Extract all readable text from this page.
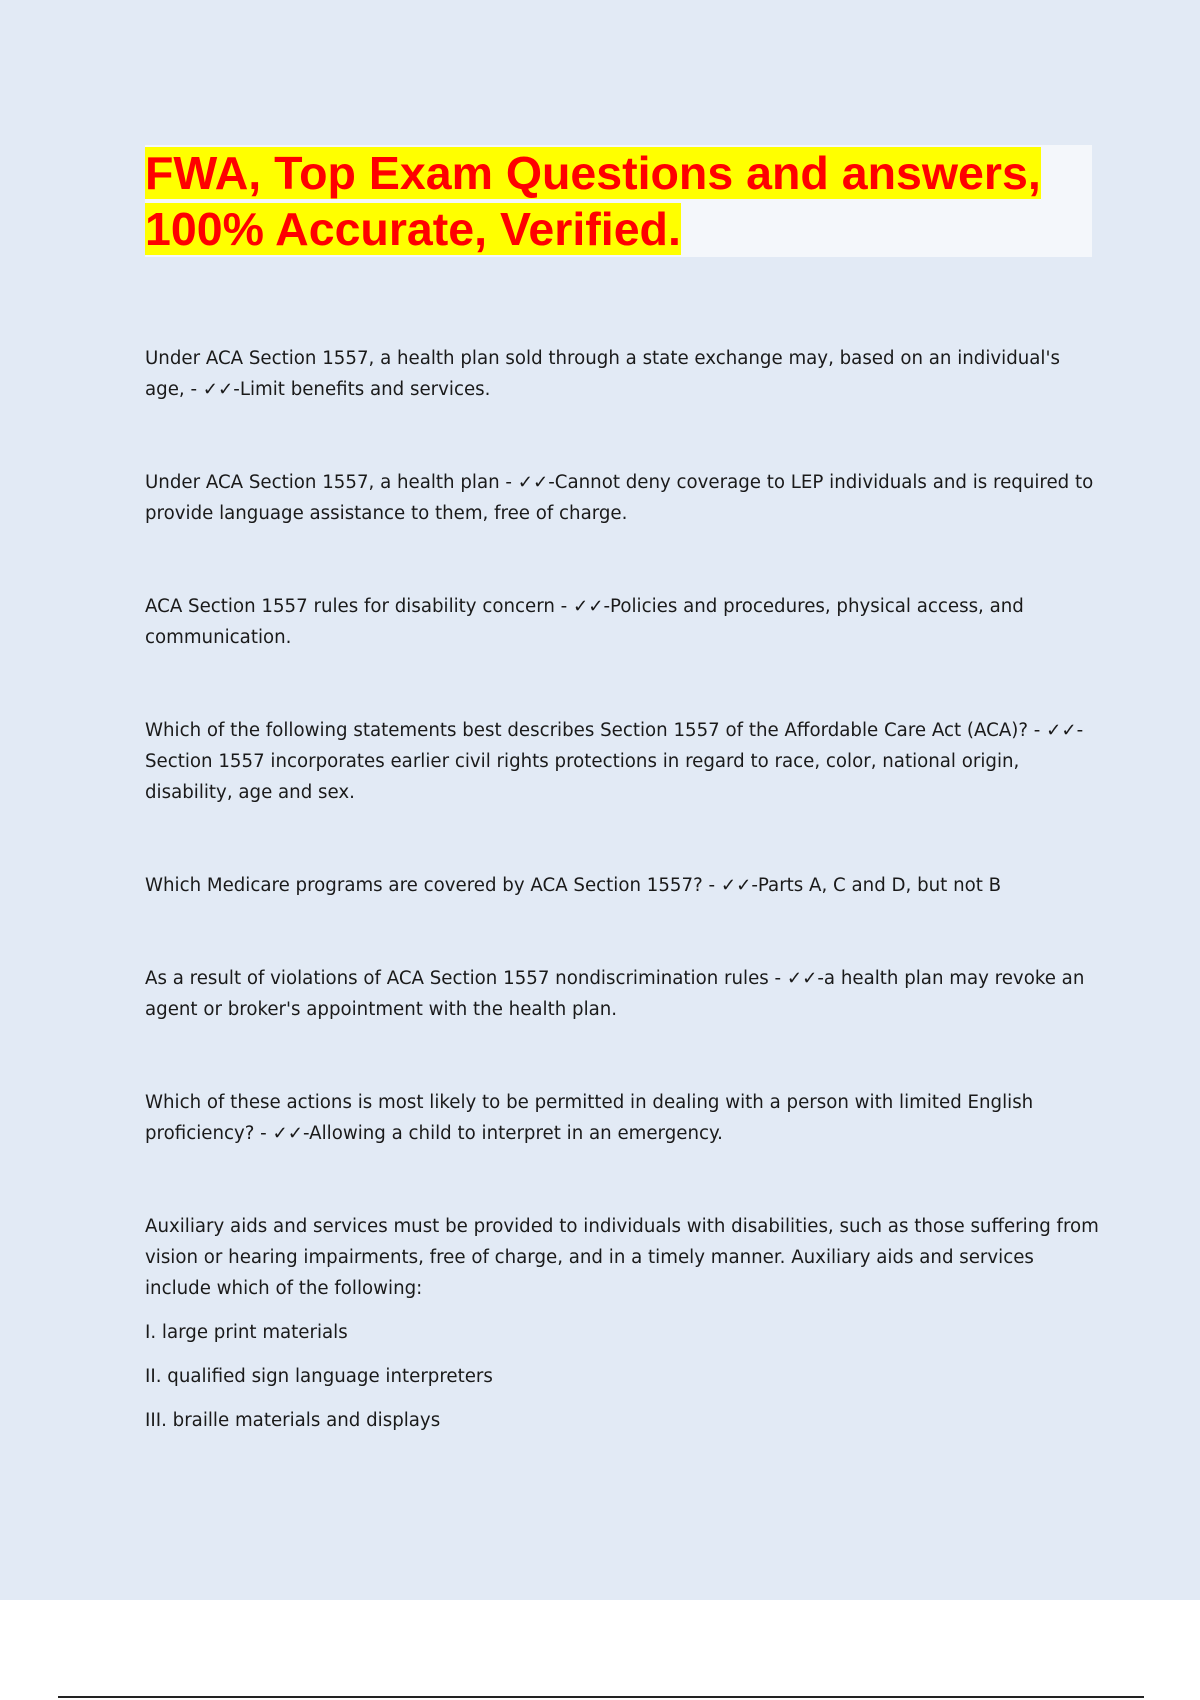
FWA, Top Exam Questions and answers, 100% Accurate, Verified.

Under ACA Section 1557, a health plan sold through a state exchange may, based on an individual's age, - ✓✓-Limit benefits and services.

Under ACA Section 1557, a health plan - ✓✓-Cannot deny coverage to LEP individuals and is required to provide language assistance to them, free of charge.

ACA Section 1557 rules for disability concern - ✓✓-Policies and procedures, physical access, and communication.

Which of the following statements best describes Section 1557 of the Affordable Care Act (ACA)? - ✓✓-Section 1557 incorporates earlier civil rights protections in regard to race, color, national origin, disability, age and sex.

Which Medicare programs are covered by ACA Section 1557? - ✓✓-Parts A, C and D, but not B

As a result of violations of ACA Section 1557 nondiscrimination rules - ✓✓-a health plan may revoke an agent or broker's appointment with the health plan.

Which of these actions is most likely to be permitted in dealing with a person with limited English proficiency? - ✓✓-Allowing a child to interpret in an emergency.

Auxiliary aids and services must be provided to individuals with disabilities, such as those suffering from vision or hearing impairments, free of charge, and in a timely manner. Auxiliary aids and services include which of the following:

I. large print materials

II. qualified sign language interpreters

III. braille materials and displays
